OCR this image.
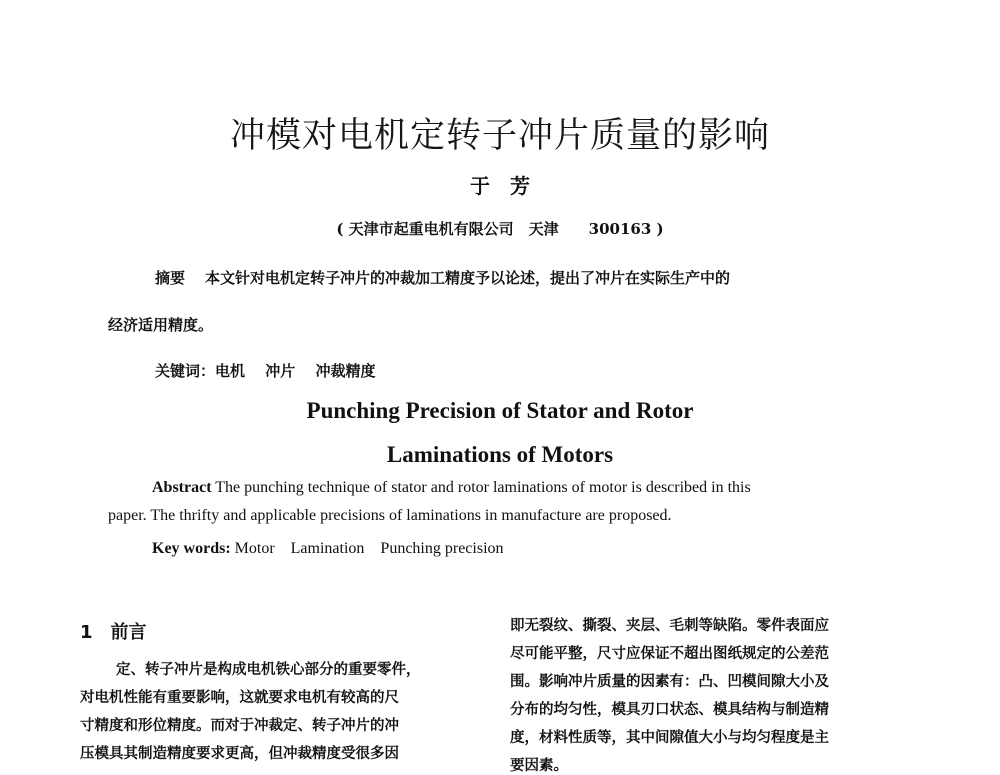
冲模对电机定转子冲片质量的影响
于　芳
( 天津市起重电机有限公司　天津　　300163 )
摘要 本文针对电机定转子冲片的冲裁加工精度予以论述，提出了冲片在实际生产中的
经济适用精度。
关键词：电机　 冲片　 冲裁精度
Punching Precision of Stator and Rotor
Laminations of Motors
Abstract The punching technique of stator and rotor laminations of motor is described in this
paper. The thrifty and applicable precisions of laminations in manufacture are proposed.
Key words: Motor　Lamination　Punching precision
1　前言
定、转子冲片是构成电机铁心部分的重要零件，
对电机性能有重要影响，这就要求电机有较高的尺
寸精度和形位精度。而对于冲裁定、转子冲片的冲
压模具其制造精度要求更高，但冲裁精度受很多因
即无裂纹、撕裂、夹层、毛刺等缺陷。零件表面应
尽可能平整，尺寸应保证不超出图纸规定的公差范
围。影响冲片质量的因素有：凸、凹模间隙大小及
分布的均匀性，模具刃口状态、模具结构与制造精
度，材料性质等，其中间隙值大小与均匀程度是主
要因素。
